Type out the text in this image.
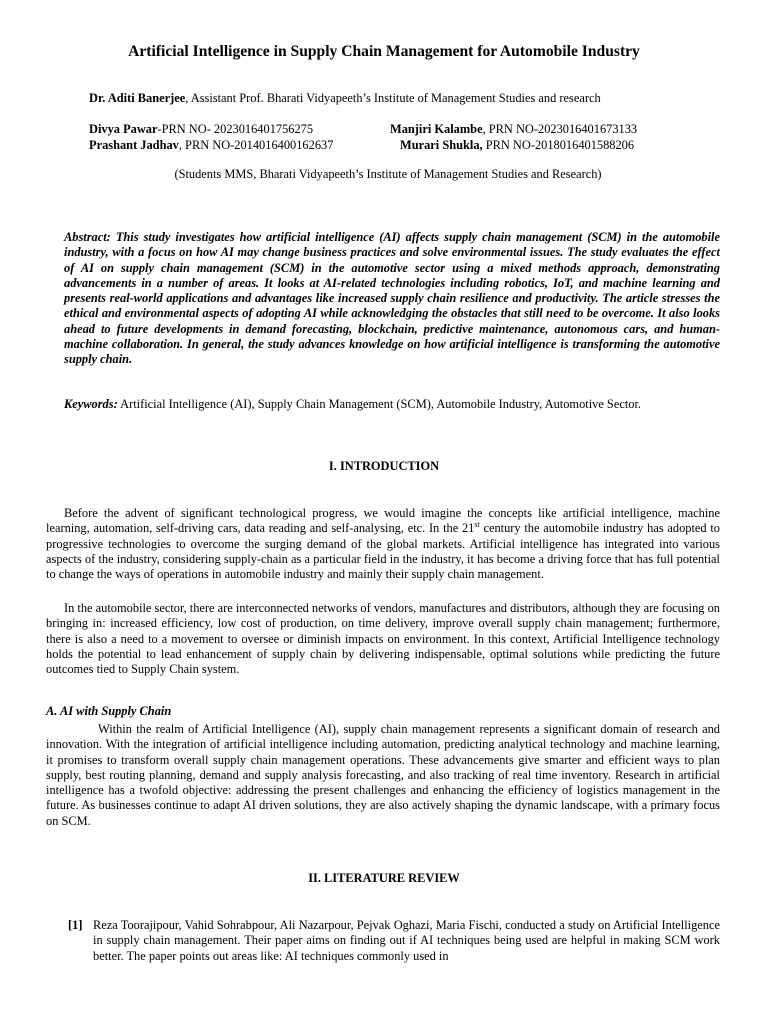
Artificial Intelligence in Supply Chain Management for Automobile Industry
Dr. Aditi Banerjee, Assistant Prof. Bharati Vidyapeeth’s Institute of Management Studies and research
Divya Pawar-PRN NO- 2023016401756275	Manjiri Kalambe, PRN NO-2023016401673133
Prashant Jadhav, PRN NO-2014016400162637	Murari Shukla, PRN NO-2018016401588206
(Students MMS, Bharati Vidyapeeth’s Institute of Management Studies and Research)
Abstract: This study investigates how artificial intelligence (AI) affects supply chain management (SCM) in the automobile industry, with a focus on how AI may change business practices and solve environmental issues. The study evaluates the effect of AI on supply chain management (SCM) in the automotive sector using a mixed methods approach, demonstrating advancements in a number of areas. It looks at AI-related technologies including robotics, IoT, and machine learning and presents real-world applications and advantages like increased supply chain resilience and productivity. The article stresses the ethical and environmental aspects of adopting AI while acknowledging the obstacles that still need to be overcome. It also looks ahead to future developments in demand forecasting, blockchain, predictive maintenance, autonomous cars, and human-machine collaboration. In general, the study advances knowledge on how artificial intelligence is transforming the automotive supply chain.
Keywords: Artificial Intelligence (AI), Supply Chain Management (SCM), Automobile Industry, Automotive Sector.
I. INTRODUCTION
Before the advent of significant technological progress, we would imagine the concepts like artificial intelligence, machine learning, automation, self-driving cars, data reading and self-analysing, etc. In the 21st century the automobile industry has adopted to progressive technologies to overcome the surging demand of the global markets. Artificial intelligence has integrated into various aspects of the industry, considering supply-chain as a particular field in the industry, it has become a driving force that has full potential to change the ways of operations in automobile industry and mainly their supply chain management.
In the automobile sector, there are interconnected networks of vendors, manufactures and distributors, although they are focusing on bringing in: increased efficiency, low cost of production, on time delivery, improve overall supply chain management; furthermore, there is also a need to a movement to oversee or diminish impacts on environment. In this context, Artificial Intelligence technology holds the potential to lead enhancement of supply chain by delivering indispensable, optimal solutions while predicting the future outcomes tied to Supply Chain system.
A. AI with Supply Chain
Within the realm of Artificial Intelligence (AI), supply chain management represents a significant domain of research and innovation. With the integration of artificial intelligence including automation, predicting analytical technology and machine learning, it promises to transform overall supply chain management operations. These advancements give smarter and efficient ways to plan supply, best routing planning, demand and supply analysis forecasting, and also tracking of real time inventory. Research in artificial intelligence has a twofold objective: addressing the present challenges and enhancing the efficiency of logistics management in the future. As businesses continue to adapt AI driven solutions, they are also actively shaping the dynamic landscape, with a primary focus on SCM.
II. LITERATURE REVIEW
[1] Reza Toorajipour, Vahid Sohrabpour, Ali Nazarpour, Pejvak Oghazi, Maria Fischi, conducted a study on Artificial Intelligence in supply chain management. Their paper aims on finding out if AI techniques being used are helpful in making SCM work better. The paper points out areas like: AI techniques commonly used in
